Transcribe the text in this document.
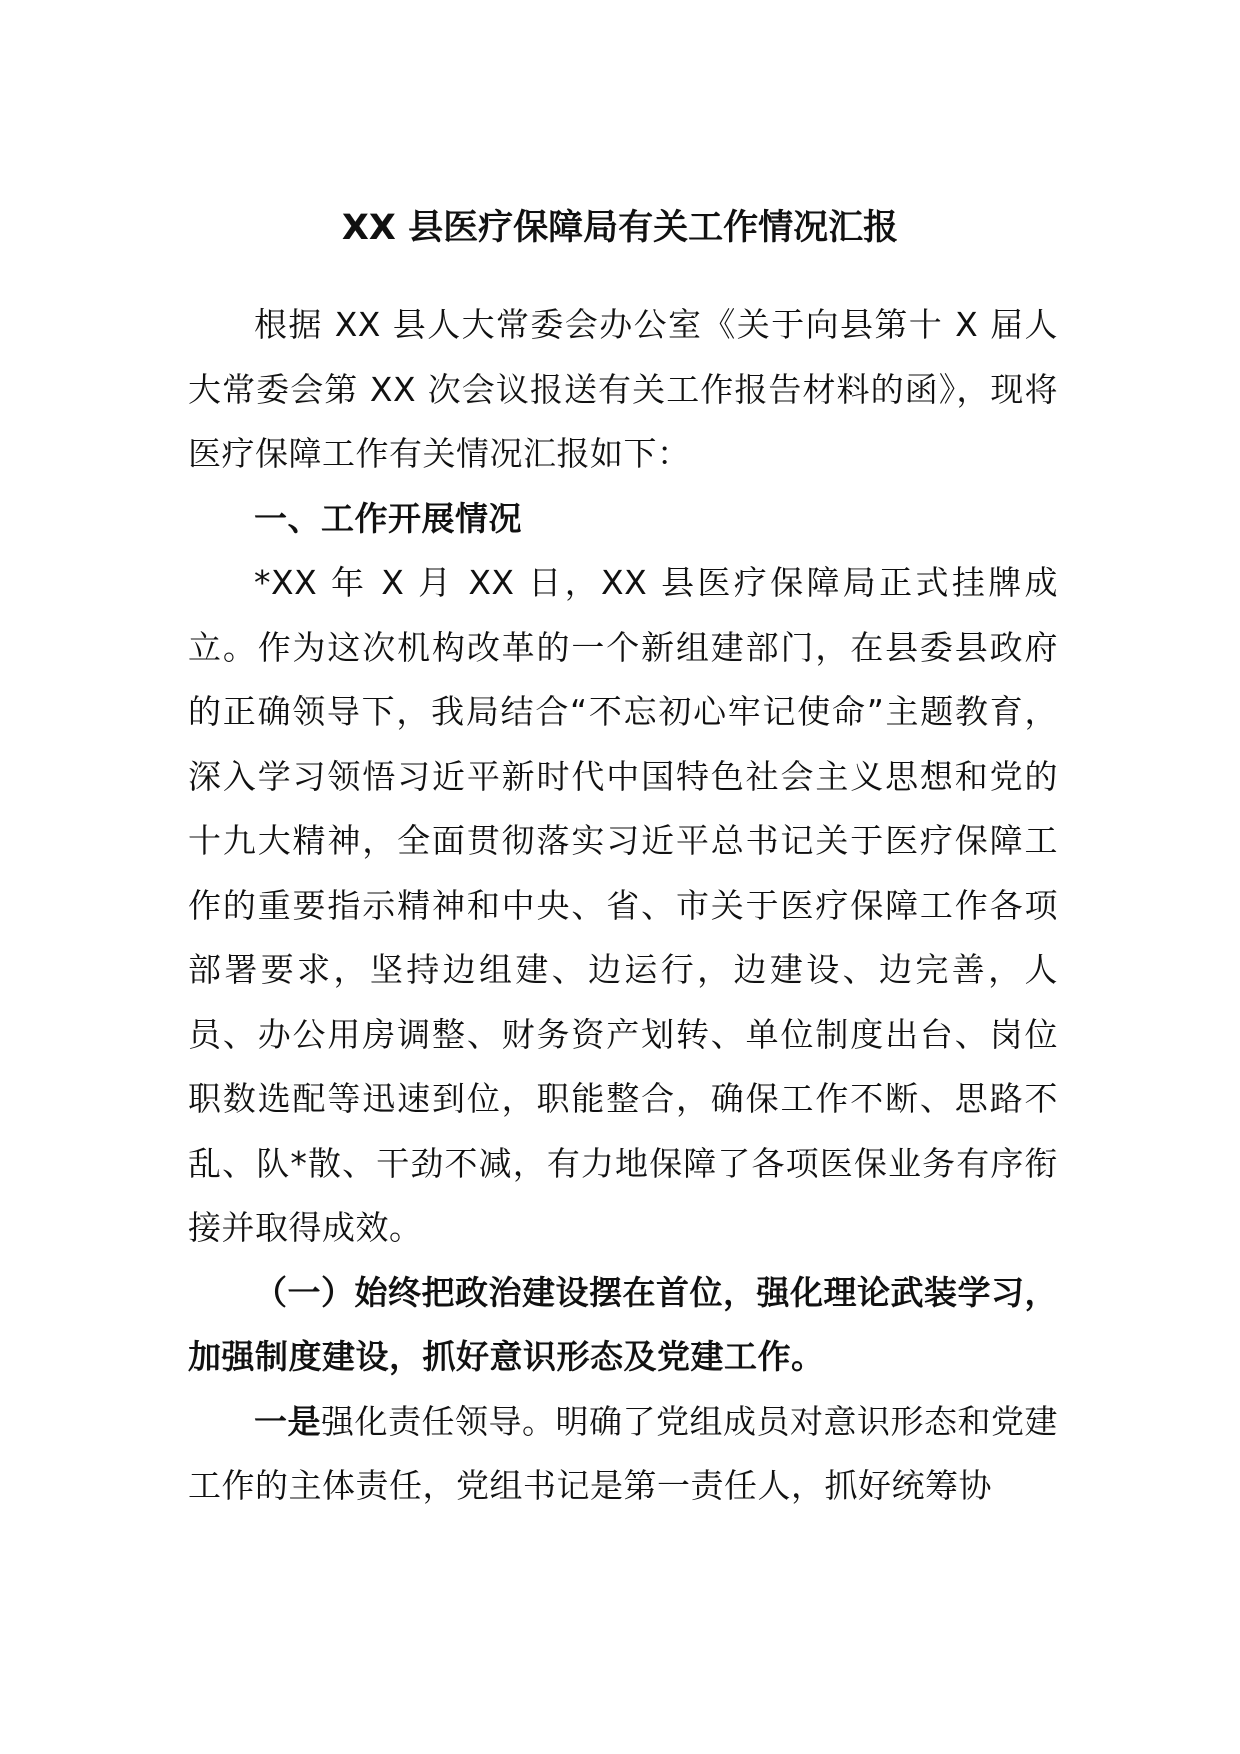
XX 县医疗保障局有关工作情况汇报

根据 XX 县人大常委会办公室《关于向县第十 X 届人大常委会第 XX 次会议报送有关工作报告材料的函》，现将医疗保障工作有关情况汇报如下：

一、工作开展情况

*XX 年 X 月 XX 日，XX 县医疗保障局正式挂牌成立。作为这次机构改革的一个新组建部门，在县委县政府的正确领导下，我局结合“不忘初心牢记使命”主题教育，深入学习领悟习近平新时代中国特色社会主义思想和党的十九大精神，全面贯彻落实习近平总书记关于医疗保障工作的重要指示精神和中央、省、市关于医疗保障工作各项部署要求，坚持边组建、边运行，边建设、边完善，人员、办公用房调整、财务资产划转、单位制度出台、岗位职数选配等迅速到位，职能整合，确保工作不断、思路不乱、队*散、干劲不减，有力地保障了各项医保业务有序衔接并取得成效。

（一）始终把政治建设摆在首位，强化理论武装学习，加强制度建设，抓好意识形态及党建工作。

一是强化责任领导。明确了党组成员对意识形态和党建工作的主体责任，党组书记是第一责任人，抓好统筹协
